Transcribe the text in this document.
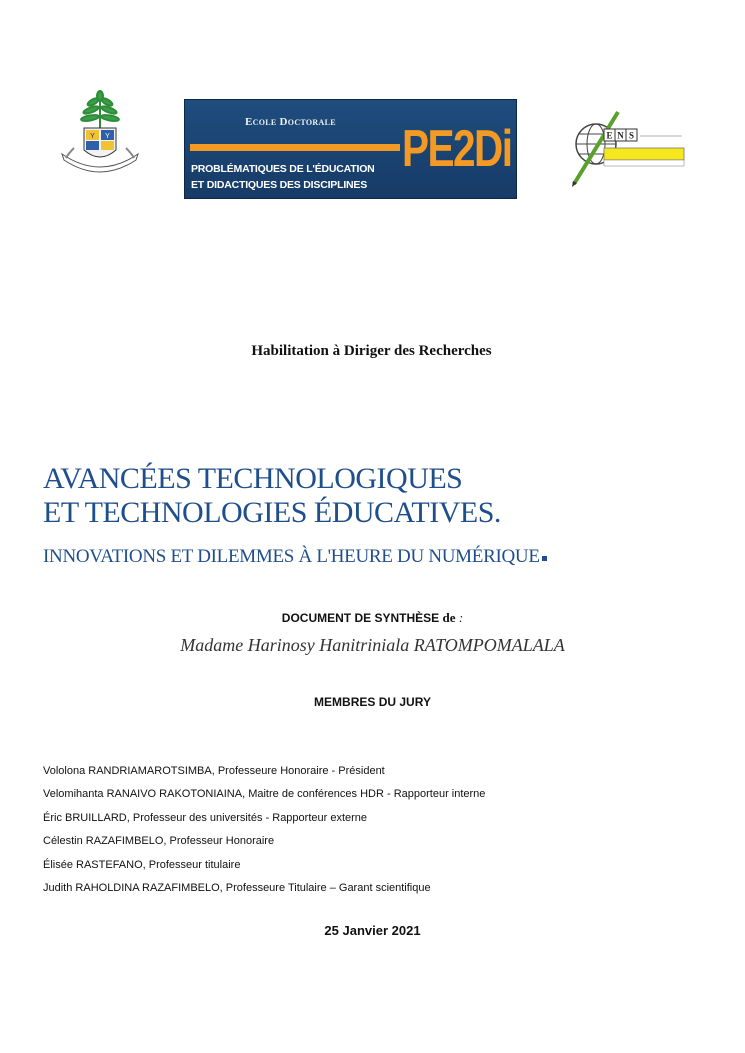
Y Y
Ecole Doctorale PE2Di
PROBLÉMATIQUES DE L'ÉDUCATION
ET DIDACTIQUES DES DISCIPLINES
E N S
Habilitation à Diriger des Recherches
AVANCÉES TECHNOLOGIQUES
ET TECHNOLOGIES ÉDUCATIVES.
INNOVATIONS ET DILEMMES À L'HEURE DU NUMÉRIQUE
DOCUMENT DE SYNTHÈSE de :
Madame Harinosy Hanitriniala RATOMPOMALALA
MEMBRES DU JURY
Vololona RANDRIAMAROTSIMBA, Professeure Honoraire - Président
Velomihanta RANAIVO RAKOTONIAINA, Maitre de conférences HDR - Rapporteur interne
Éric BRUILLARD, Professeur des universités - Rapporteur externe
Célestin RAZAFIMBELO, Professeur Honoraire
Élisée RASTEFANO, Professeur titulaire
Judith RAHOLDINA RAZAFIMBELO, Professeure Titulaire – Garant scientifique
25 Janvier 2021
